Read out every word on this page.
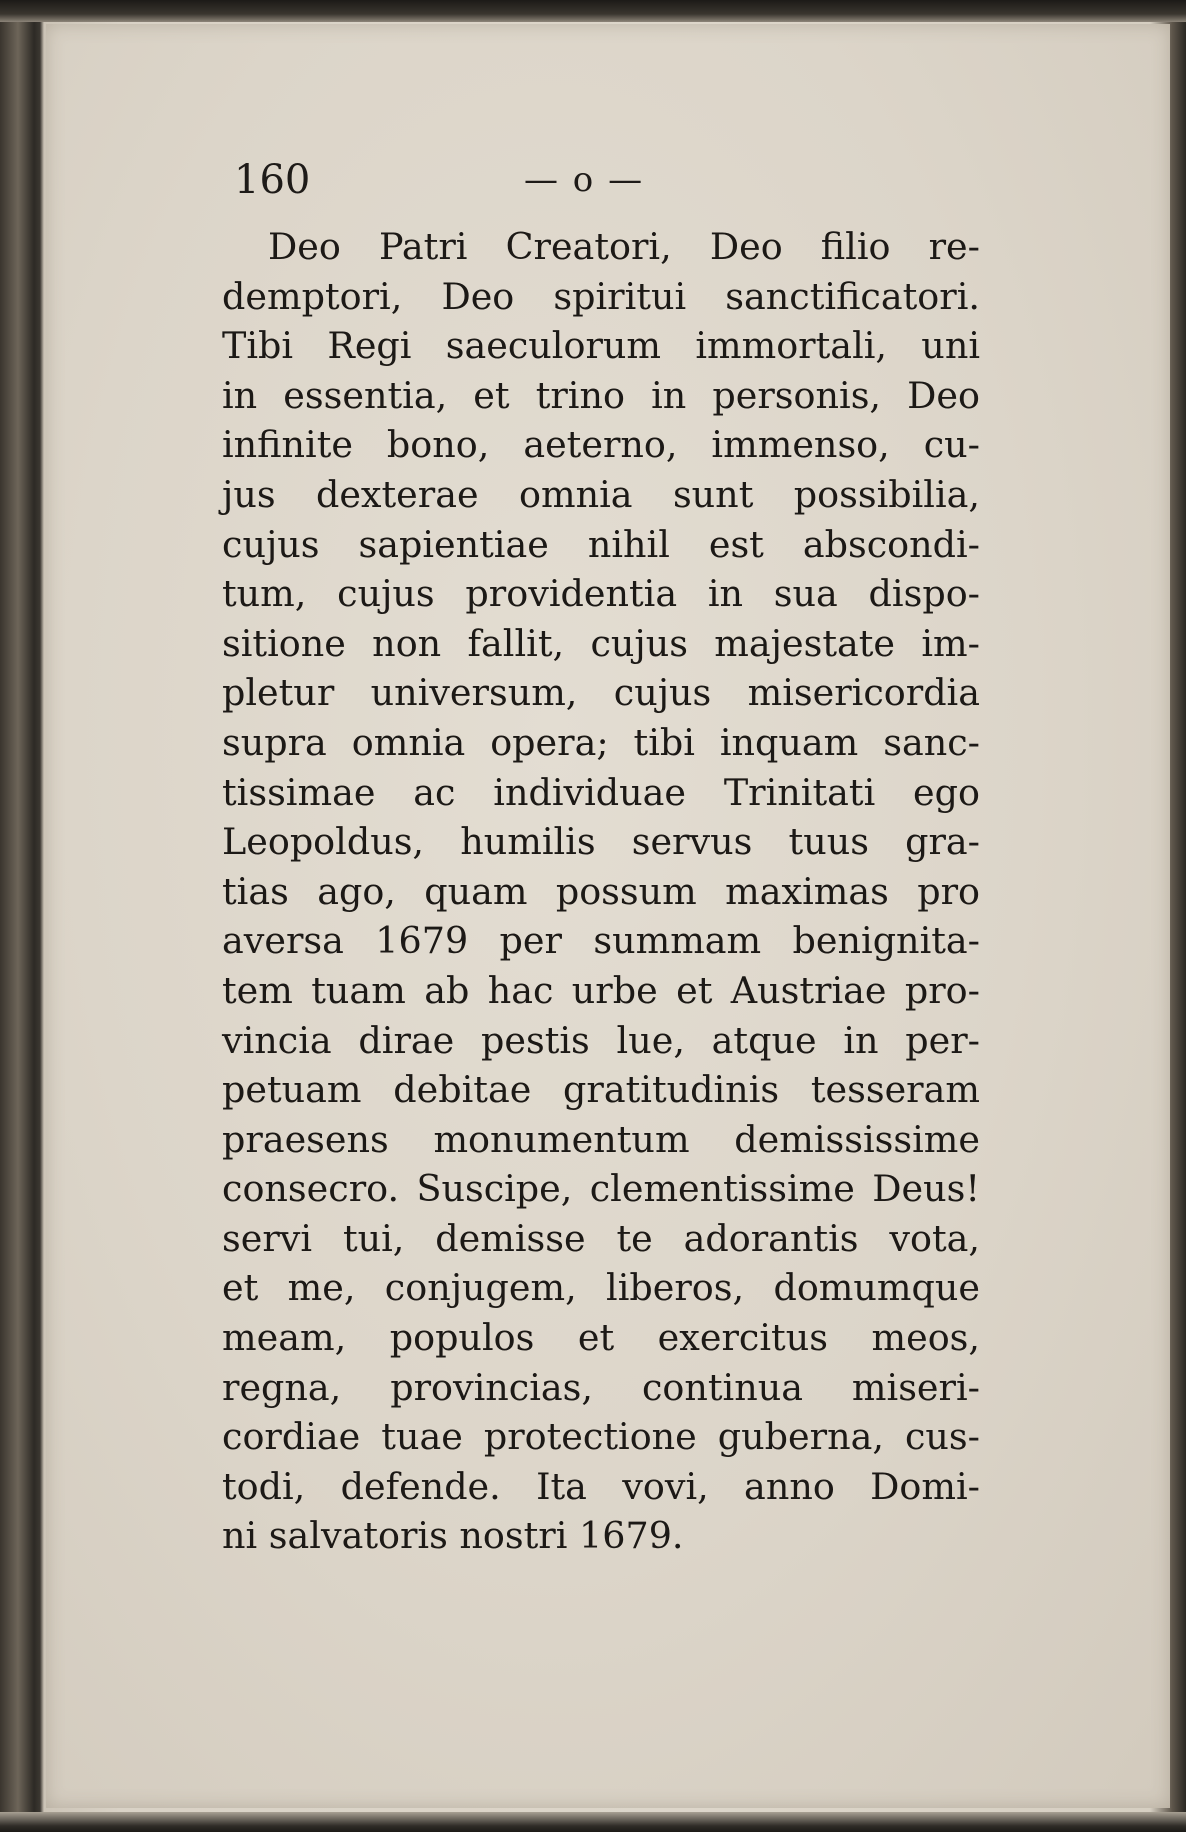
160	— o —
Deo Patri Creatori, Deo filio re-
demptori, Deo spiritui sanctificatori.
Tibi Regi saeculorum immortali, uni
in essentia, et trino in personis, Deo
infinite bono, aeterno, immenso, cu-
jus dexterae omnia sunt possibilia,
cujus sapientiae nihil est abscondi-
tum, cujus providentia in sua dispo-
sitione non fallit, cujus majestate im-
pletur universum, cujus misericordia
supra omnia opera; tibi inquam sanc-
tissimae ac individuae Trinitati ego
Leopoldus, humilis servus tuus gra-
tias ago, quam possum maximas pro
aversa 1679 per summam benignita-
tem tuam ab hac urbe et Austriae pro-
vincia dirae pestis lue, atque in per-
petuam debitae gratitudinis tesseram
praesens monumentum demississime
consecro. Suscipe, clementissime Deus!
servi tui, demisse te adorantis vota,
et me, conjugem, liberos, domumque
meam, populos et exercitus meos,
regna, provincias, continua miseri-
cordiae tuae protectione guberna, cus-
todi, defende. Ita vovi, anno Domi-
ni salvatoris nostri 1679.
